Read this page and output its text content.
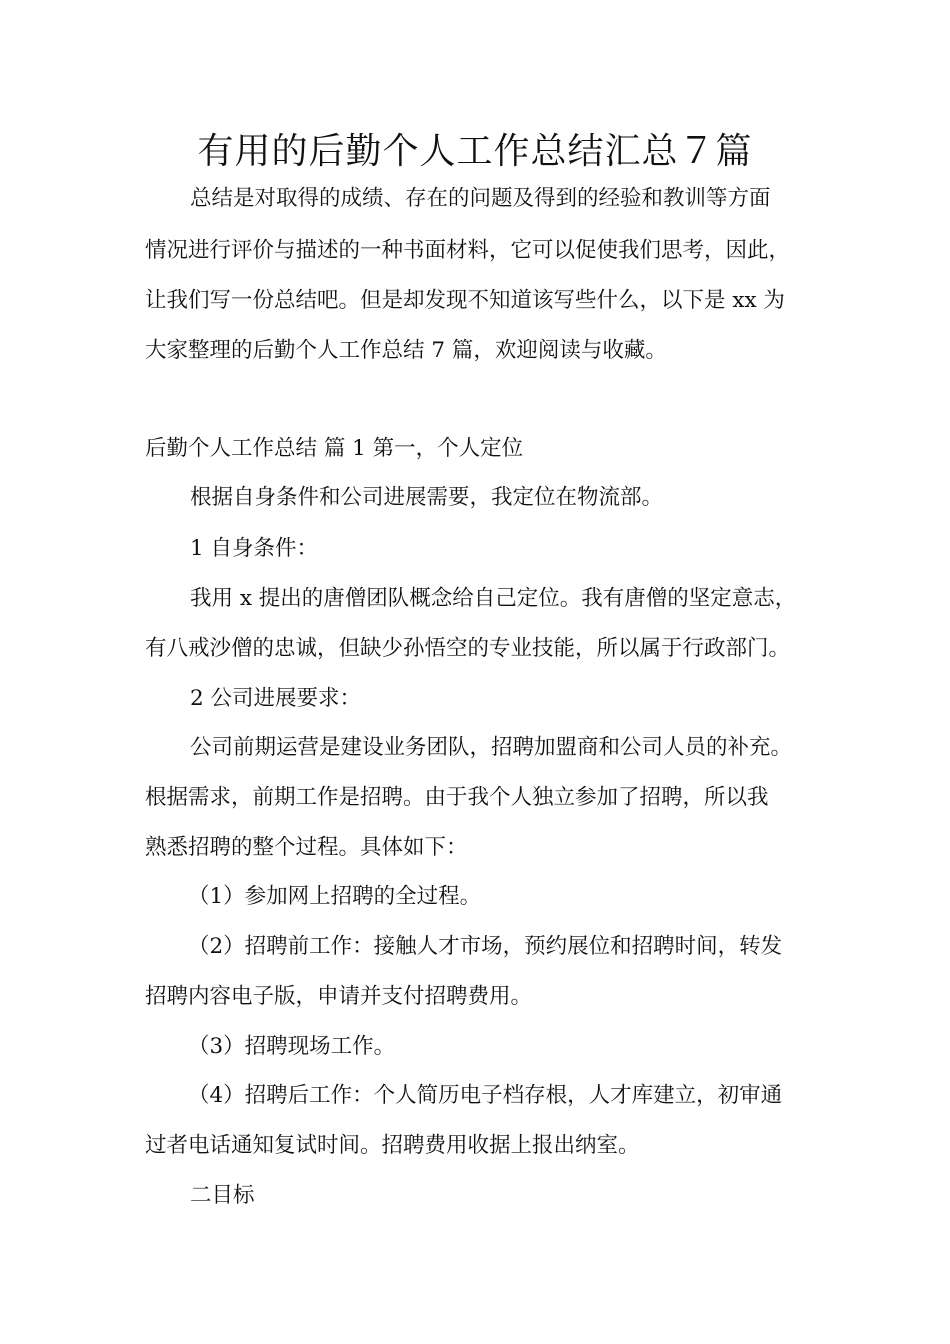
有用的后勤个人工作总结汇总７篇

总结是对取得的成绩、存在的问题及得到的经验和教训等方面

情况进行评价与描述的一种书面材料，它可以促使我们思考，因此，

让我们写一份总结吧。但是却发现不知道该写些什么，以下是 xx 为

大家整理的后勤个人工作总结 7 篇，欢迎阅读与收藏。

后勤个人工作总结 篇 1 第一，个人定位

根据自身条件和公司进展需要，我定位在物流部。

1 自身条件：

我用 x 提出的唐僧团队概念给自己定位。我有唐僧的坚定意志，

有八戒沙僧的忠诚，但缺少孙悟空的专业技能，所以属于行政部门。

2 公司进展要求：

公司前期运营是建设业务团队，招聘加盟商和公司人员的补充。

根据需求，前期工作是招聘。由于我个人独立参加了招聘，所以我

熟悉招聘的整个过程。具体如下：

（1）参加网上招聘的全过程。

（2）招聘前工作：接触人才市场，预约展位和招聘时间，转发

招聘内容电子版，申请并支付招聘费用。

（3）招聘现场工作。

（4）招聘后工作：个人简历电子档存根，人才库建立，初审通

过者电话通知复试时间。招聘费用收据上报出纳室。

二目标
